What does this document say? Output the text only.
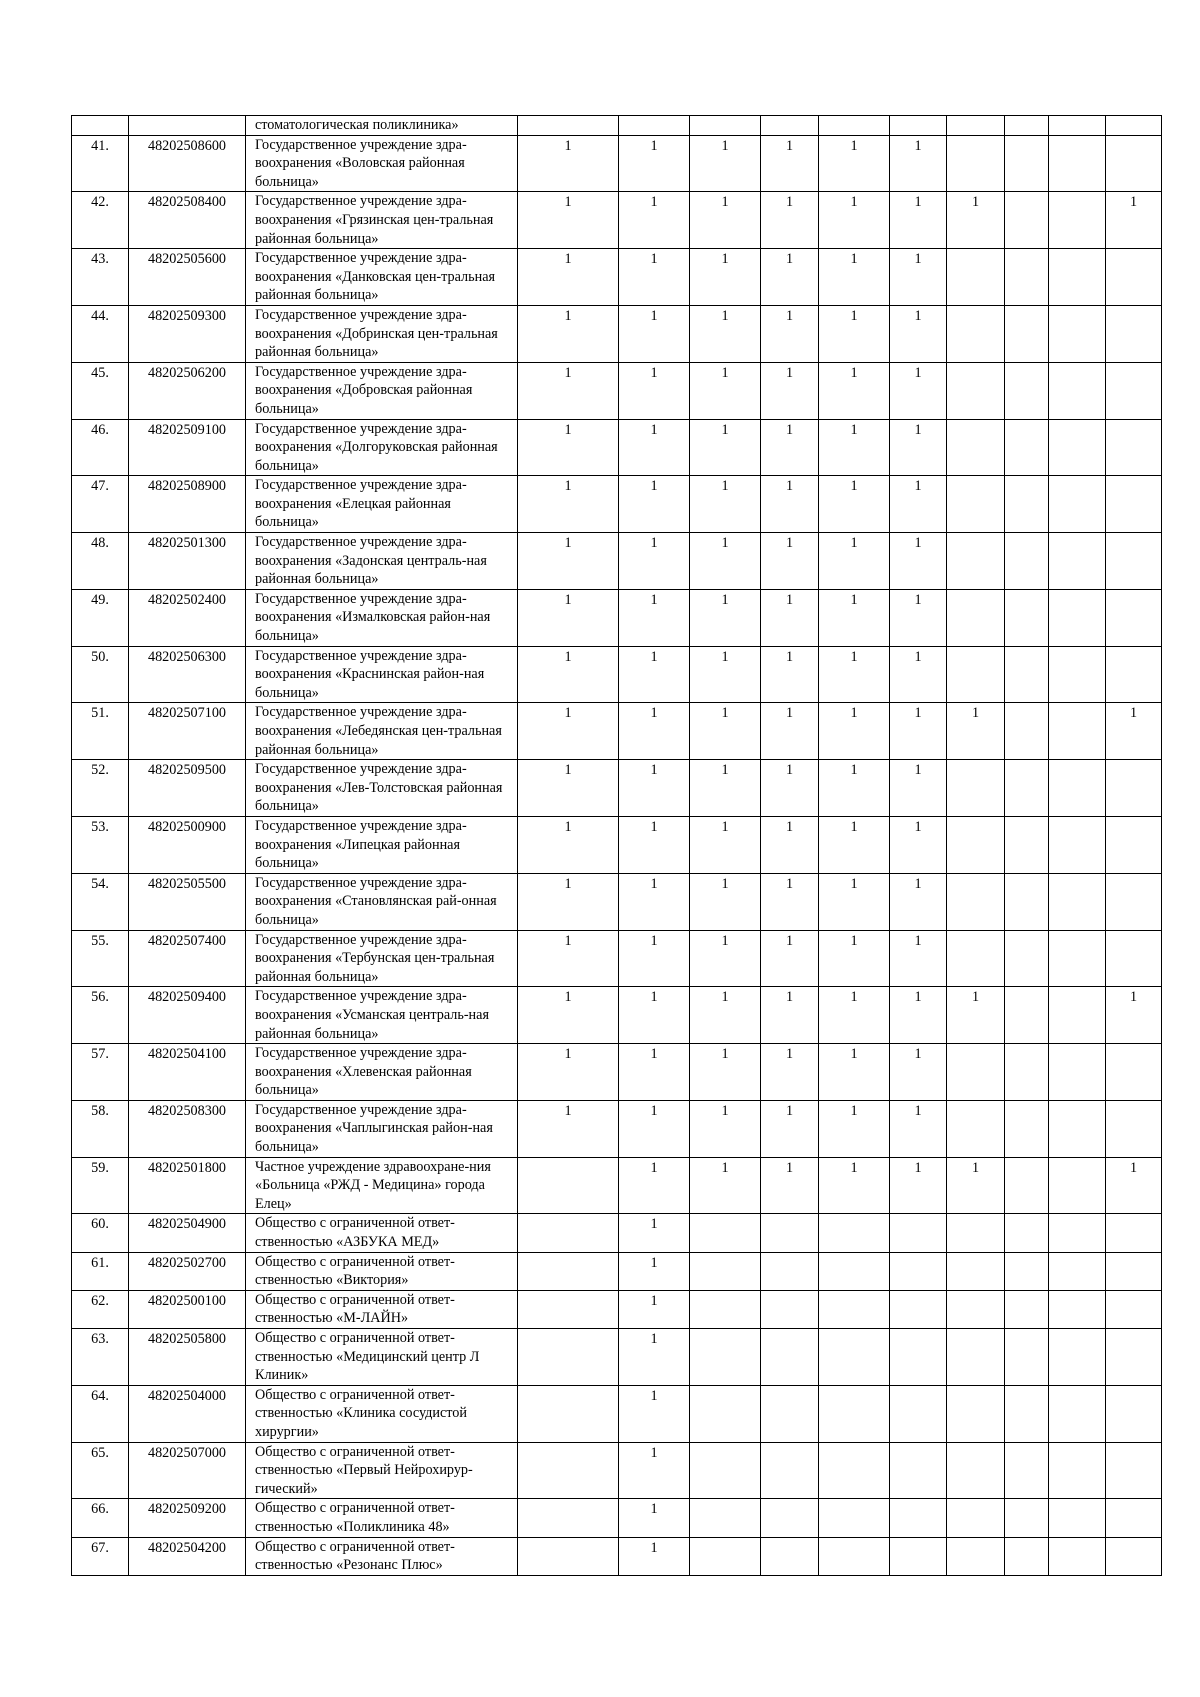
		стоматологическая поликлиника»										
41.	48202508600	Государственное учреждение здра-воохранения «Воловская районная больница»	1	1	1	1	1	1				
42.	48202508400	Государственное учреждение здра-воохранения «Грязинская цен-тральная районная больница»	1	1	1	1	1	1	1			1
43.	48202505600	Государственное учреждение здра-воохранения «Данковская цен-тральная районная больница»	1	1	1	1	1	1				
44.	48202509300	Государственное учреждение здра-воохранения «Добринская цен-тральная районная больница»	1	1	1	1	1	1				
45.	48202506200	Государственное учреждение здра-воохранения «Добровская районная больница»	1	1	1	1	1	1				
46.	48202509100	Государственное учреждение здра-воохранения «Долгоруковская районная больница»	1	1	1	1	1	1				
47.	48202508900	Государственное учреждение здра-воохранения «Елецкая районная больница»	1	1	1	1	1	1				
48.	48202501300	Государственное учреждение здра-воохранения «Задонская централь-ная районная больница»	1	1	1	1	1	1				
49.	48202502400	Государственное учреждение здра-воохранения «Измалковская район-ная больница»	1	1	1	1	1	1				
50.	48202506300	Государственное учреждение здра-воохранения «Краснинская район-ная больница»	1	1	1	1	1	1				
51.	48202507100	Государственное учреждение здра-воохранения «Лебедянская цен-тральная районная больница»	1	1	1	1	1	1	1			1
52.	48202509500	Государственное учреждение здра-воохранения «Лев-Толстовская районная больница»	1	1	1	1	1	1				
53.	48202500900	Государственное учреждение здра-воохранения «Липецкая районная больница»	1	1	1	1	1	1				
54.	48202505500	Государственное учреждение здра-воохранения «Становлянская рай-онная больница»	1	1	1	1	1	1				
55.	48202507400	Государственное учреждение здра-воохранения «Тербунская цен-тральная районная больница»	1	1	1	1	1	1				
56.	48202509400	Государственное учреждение здра-воохранения «Усманская централь-ная районная больница»	1	1	1	1	1	1	1			1
57.	48202504100	Государственное учреждение здра-воохранения «Хлевенская районная больница»	1	1	1	1	1	1				
58.	48202508300	Государственное учреждение здра-воохранения «Чаплыгинская район-ная больница»	1	1	1	1	1	1				
59.	48202501800	Частное учреждение здравоохране-ния «Больница «РЖД - Медицина» города Елец»		1	1	1	1	1	1			1
60.	48202504900	Общество с ограниченной ответ-ственностью «АЗБУКА МЕД»		1								
61.	48202502700	Общество с ограниченной ответ-ственностью «Виктория»		1								
62.	48202500100	Общество с ограниченной ответ-ственностью «М-ЛАЙН»		1								
63.	48202505800	Общество с ограниченной ответ-ственностью «Медицинский центр Л Клиник»		1								
64.	48202504000	Общество с ограниченной ответ-ственностью «Клиника сосудистой хирургии»		1								
65.	48202507000	Общество с ограниченной ответ-ственностью «Первый Нейрохирур-гический»		1								
66.	48202509200	Общество с ограниченной ответ-ственностью «Поликлиника 48»		1								
67.	48202504200	Общество с ограниченной ответ-ственностью «Резонанс Плюс»		1								
